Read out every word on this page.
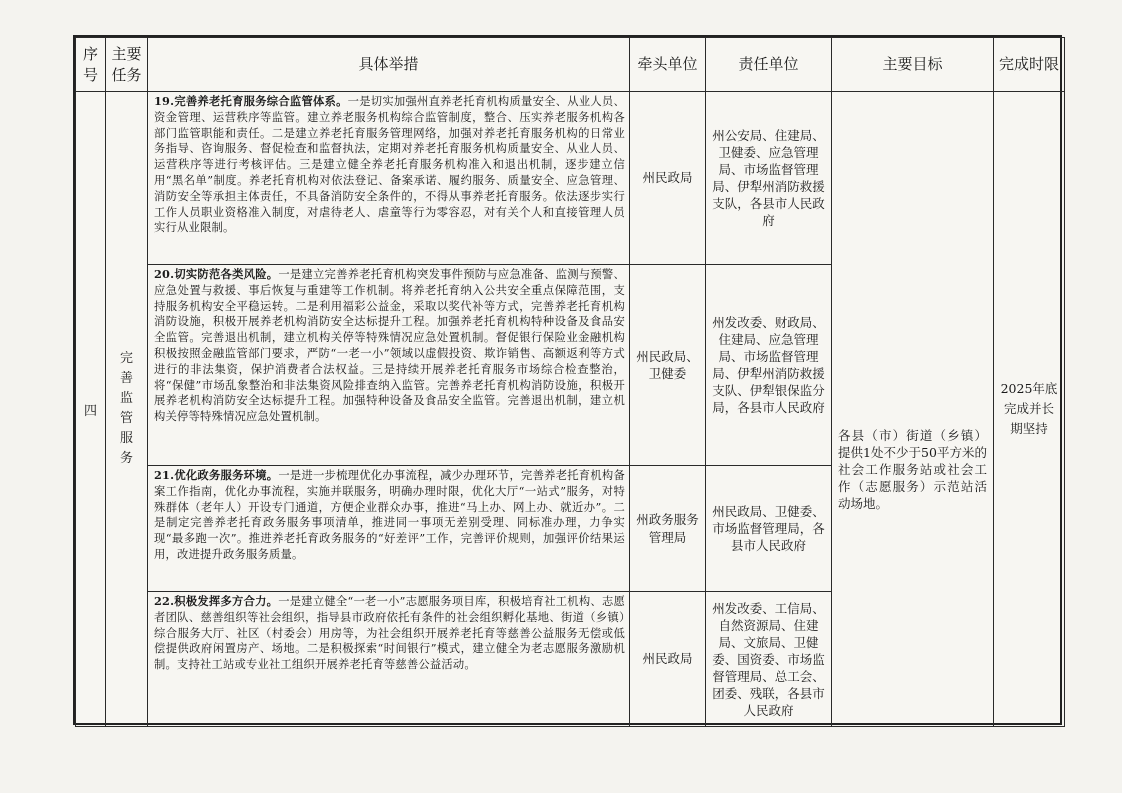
序号	主要任务	具体举措	牵头单位	责任单位	主要目标	完成时限
四	完善监管服务	19.完善养老托育服务综合监管体系。一是切实加强州直养老托育机构质量安全、从业人员、资金管理、运营秩序等监管。建立养老服务机构综合监管制度，整合、压实养老服务机构各部门监管职能和责任。二是建立养老托育服务管理网络，加强对养老托育服务机构的日常业务指导、咨询服务、督促检查和监督执法，定期对养老托育服务机构质量安全、从业人员、运营秩序等进行考核评估。三是建立健全养老托育服务机构准入和退出机制，逐步建立信用“黑名单”制度。养老托育机构对依法登记、备案承诺、履约服务、质量安全、应急管理、消防安全等承担主体责任，不具备消防安全条件的，不得从事养老托育服务。依法逐步实行工作人员职业资格准入制度，对虐待老人、虐童等行为零容忍，对有关个人和直接管理人员实行从业限制。	州民政局	州公安局、住建局、卫健委、应急管理局、市场监督管理局、伊犁州消防救援支队，各县市人民政府	各县（市）街道（乡镇）提供1处不少于50平方米的社会工作服务站或社会工作（志愿服务）示范站活动场地。	2025年底完成并长期坚持
		20.切实防范各类风险。一是建立完善养老托育机构突发事件预防与应急准备、监测与预警、应急处置与救援、事后恢复与重建等工作机制。将养老托育纳入公共安全重点保障范围，支持服务机构安全平稳运转。二是利用福彩公益金，采取以奖代补等方式，完善养老托育机构消防设施，积极开展养老机构消防安全达标提升工程。加强养老托育机构特种设备及食品安全监管。完善退出机制，建立机构关停等特殊情况应急处置机制。督促银行保险业金融机构积极按照金融监管部门要求，严防“一老一小”领域以虚假投资、欺诈销售、高额返利等方式进行的非法集资，保护消费者合法权益。三是持续开展养老托育服务市场综合检查整治，将“保健”市场乱象整治和非法集资风险排查纳入监管。完善养老托育机构消防设施，积极开展养老机构消防安全达标提升工程。加强特种设备及食品安全监管。完善退出机制，建立机构关停等特殊情况应急处置机制。	州民政局、卫健委	州发改委、财政局、住建局、应急管理局、市场监督管理局、伊犁州消防救援支队、伊犁银保监分局，各县市人民政府		
		21.优化政务服务环境。一是进一步梳理优化办事流程，减少办理环节，完善养老托育机构备案工作指南，优化办事流程，实施并联服务，明确办理时限，优化大厅“一站式”服务，对特殊群体（老年人）开设专门通道，方便企业群众办事，推进“马上办、网上办、就近办”。二是制定完善养老托育政务服务事项清单，推进同一事项无差别受理、同标准办理，力争实现“最多跑一次”。推进养老托育政务服务的“好差评”工作，完善评价规则，加强评价结果运用，改进提升政务服务质量。	州政务服务管理局	州民政局、卫健委、市场监督管理局，各县市人民政府		
		22.积极发挥多方合力。一是建立健全“一老一小”志愿服务项目库，积极培育社工机构、志愿者团队、慈善组织等社会组织，指导县市政府依托有条件的社会组织孵化基地、街道（乡镇）综合服务大厅、社区（村委会）用房等，为社会组织开展养老托育等慈善公益服务无偿或低偿提供政府闲置房产、场地。二是积极探索“时间银行”模式，建立健全为老志愿服务激励机制。支持社工站或专业社工组织开展养老托育等慈善公益活动。	州民政局	州发改委、工信局、自然资源局、住建局、文旅局、卫健委、国资委、市场监督管理局、总工会、团委、残联，各县市人民政府		
